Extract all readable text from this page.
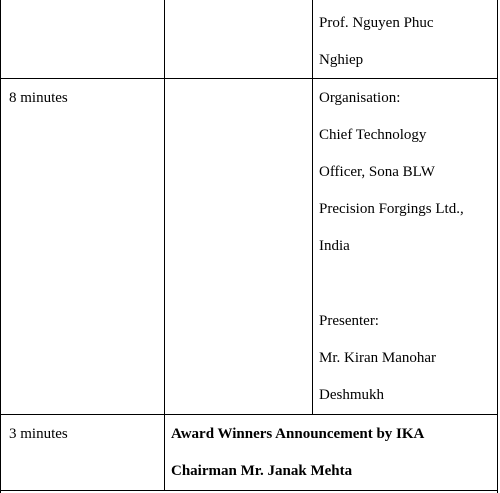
Prof. Nguyen Phuc
Nghiep
8 minutes	Organisation:
Chief Technology
Officer, Sona BLW
Precision Forgings Ltd.,
India
Presenter:
Mr. Kiran Manohar
Deshmukh
3 minutes	Award Winners Announcement by IKA
Chairman Mr. Janak Mehta
